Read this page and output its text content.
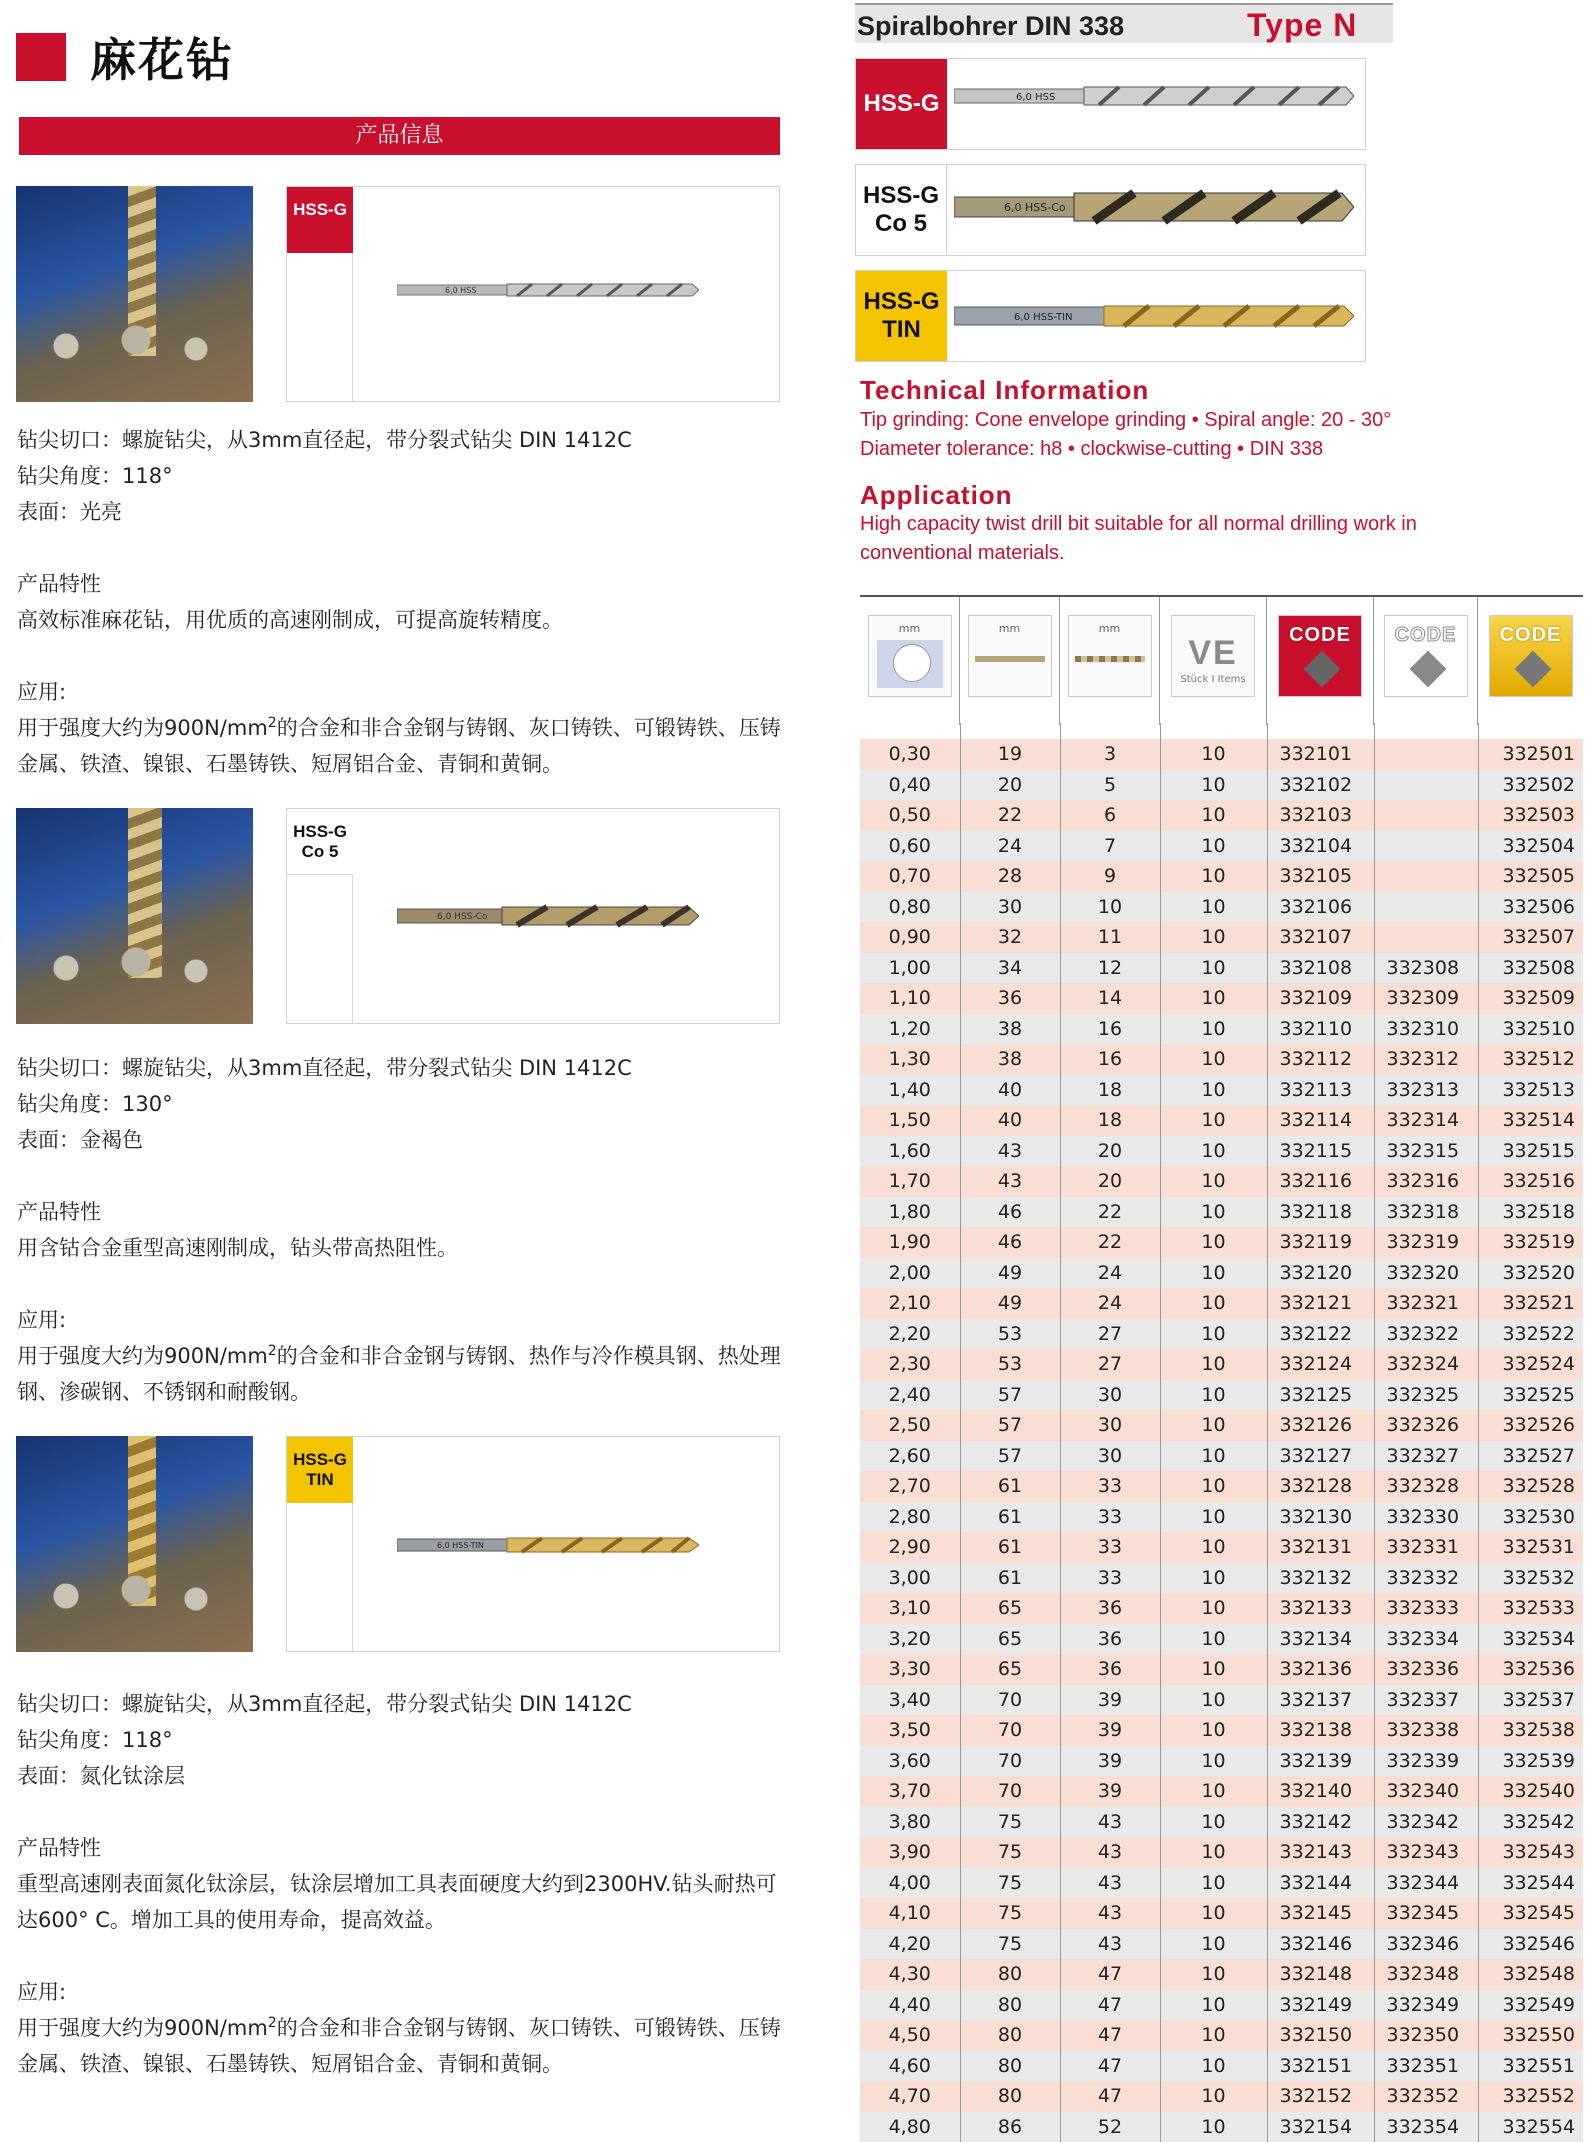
麻花钻
产品信息
HSS-G

6,0 HSS

钻尖切口：螺旋钻尖，从3mm直径起，带分裂式钻尖 DIN 1412C

钻尖角度：118°

表面：光亮

产品特性

高效标准麻花钻，用优质的高速刚制成，可提高旋转精度。

应用:

用于强度大约为$900N/mm^2$的合金和非合金钢与铸钢、灰口铸铁、可锻铸铁、压铸金属、铁渣、镍银、石墨铸铁、短屑铝合金、青铜和黄铜。

HSS-G
Co 5
6,0 HSS-Co

钻尖切口：螺旋钻尖，从3mm直径起，带分裂式钻尖 DIN 1412C

钻尖角度：130°

表面：金褐色

产品特性

用含钴合金重型高速刚制成，钻头带高热阻性。

应用:

用于强度大约为$900N/mm^2$的合金和非合金钢与铸钢、热作与冷作模具钢、热处理钢、渗碳钢、不锈钢和耐酸钢。

HSS-G
TIN
6,0 HSS-TIN

钻尖切口：螺旋钻尖，从3mm直径起，带分裂式钻尖 DIN 1412C

钻尖角度：118°

表面：氮化钛涂层

产品特性

重型高速刚表面氮化钛涂层，钛涂层增加工具表面硬度大约到2300HV.钻头耐热可达600° C。增加工具的使用寿命，提高效益。

应用:

用于强度大约为$900N/mm^2$的合金和非合金钢与铸钢、灰口铸铁、可锻铸铁、压铸金属、铁渣、镍银、石墨铸铁、短屑铝合金、青铜和黄铜。

Spiralbohrer DIN 338	Type N
HSS-G	6,0 HSS
HSS-G
Co 5
6,0 HSS-Co
HSS-G
TIN	6,0 HSS-TIN
Technical Information
Tip grinding: Cone envelope grinding • Spiral angle: 20 - 30°
Diameter tolerance: h8 • clockwise-cutting • DIN 338
Application
High capacity twist drill bit suitable for all normal drilling work in
conventional materials.
mm	mm	mm
VE
Stück I Items
CODE	CODE	CODE

0,30	19	3	10	332101		332501
0,40	20	5	10	332102		332502
0,50	22	6	10	332103		332503
0,60	24	7	10	332104		332504
0,70	28	9	10	332105		332505
0,80	30	10	10	332106		332506
0,90	32	11	10	332107		332507
1,00	34	12	10	332108	332308	332508
1,10	36	14	10	332109	332309	332509
1,20	38	16	10	332110	332310	332510
1,30	38	16	10	332112	332312	332512
1,40	40	18	10	332113	332313	332513
1,50	40	18	10	332114	332314	332514
1,60	43	20	10	332115	332315	332515
1,70	43	20	10	332116	332316	332516
1,80	46	22	10	332118	332318	332518
1,90	46	22	10	332119	332319	332519
2,00	49	24	10	332120	332320	332520
2,10	49	24	10	332121	332321	332521
2,20	53	27	10	332122	332322	332522
2,30	53	27	10	332124	332324	332524
2,40	57	30	10	332125	332325	332525
2,50	57	30	10	332126	332326	332526
2,60	57	30	10	332127	332327	332527
2,70	61	33	10	332128	332328	332528
2,80	61	33	10	332130	332330	332530
2,90	61	33	10	332131	332331	332531
3,00	61	33	10	332132	332332	332532
3,10	65	36	10	332133	332333	332533
3,20	65	36	10	332134	332334	332534
3,30	65	36	10	332136	332336	332536
3,40	70	39	10	332137	332337	332537
3,50	70	39	10	332138	332338	332538
3,60	70	39	10	332139	332339	332539
3,70	70	39	10	332140	332340	332540
3,80	75	43	10	332142	332342	332542
3,90	75	43	10	332143	332343	332543
4,00	75	43	10	332144	332344	332544
4,10	75	43	10	332145	332345	332545
4,20	75	43	10	332146	332346	332546
4,30	80	47	10	332148	332348	332548
4,40	80	47	10	332149	332349	332549
4,50	80	47	10	332150	332350	332550
4,60	80	47	10	332151	332351	332551
4,70	80	47	10	332152	332352	332552
4,80	86	52	10	332154	332354	332554
